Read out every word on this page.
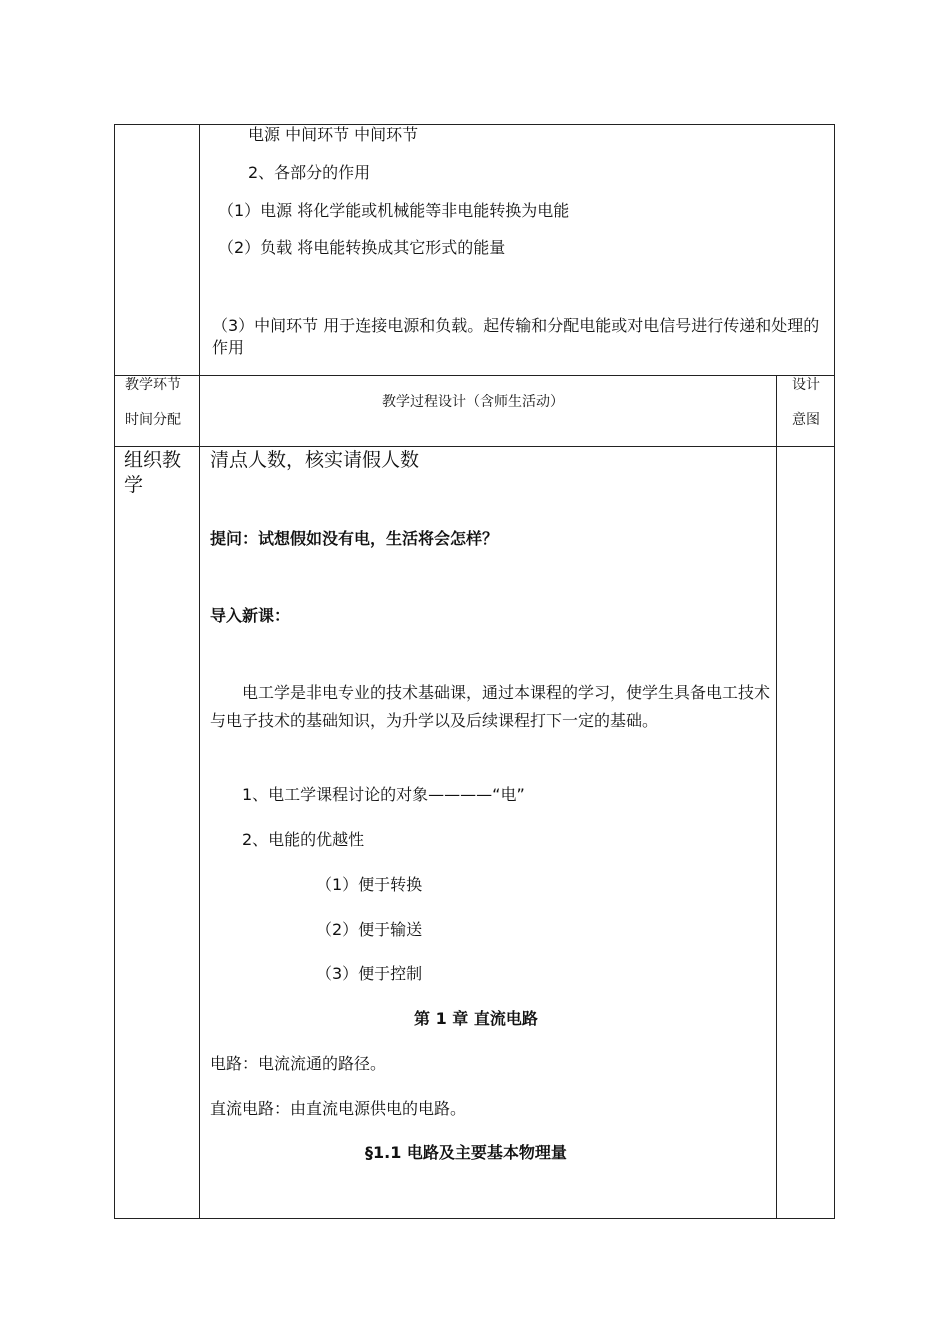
电源 中间环节 中间环节
2、各部分的作用
（1）电源 将化学能或机械能等非电能转换为电能
（2）负载 将电能转换成其它形式的能量
（3）中间环节 用于连接电源和负载。起传输和分配电能或对电信号进行传递和处理的作用
教学环节
时间分配
教学过程设计（含师生活动）
设计
意图
组织教学
清点人数，核实请假人数
提问：试想假如没有电，生活将会怎样？
导入新课：
电工学是非电专业的技术基础课，通过本课程的学习，使学生具备电工技术与电子技术的基础知识，为升学以及后续课程打下一定的基础。
1、电工学课程讨论的对象————“电”
2、电能的优越性
（1）便于转换
（2）便于输送
（3）便于控制
第 1 章 直流电路
电路：电流流通的路径。
直流电路：由直流电源供电的电路。
§1.1 电路及主要基本物理量
